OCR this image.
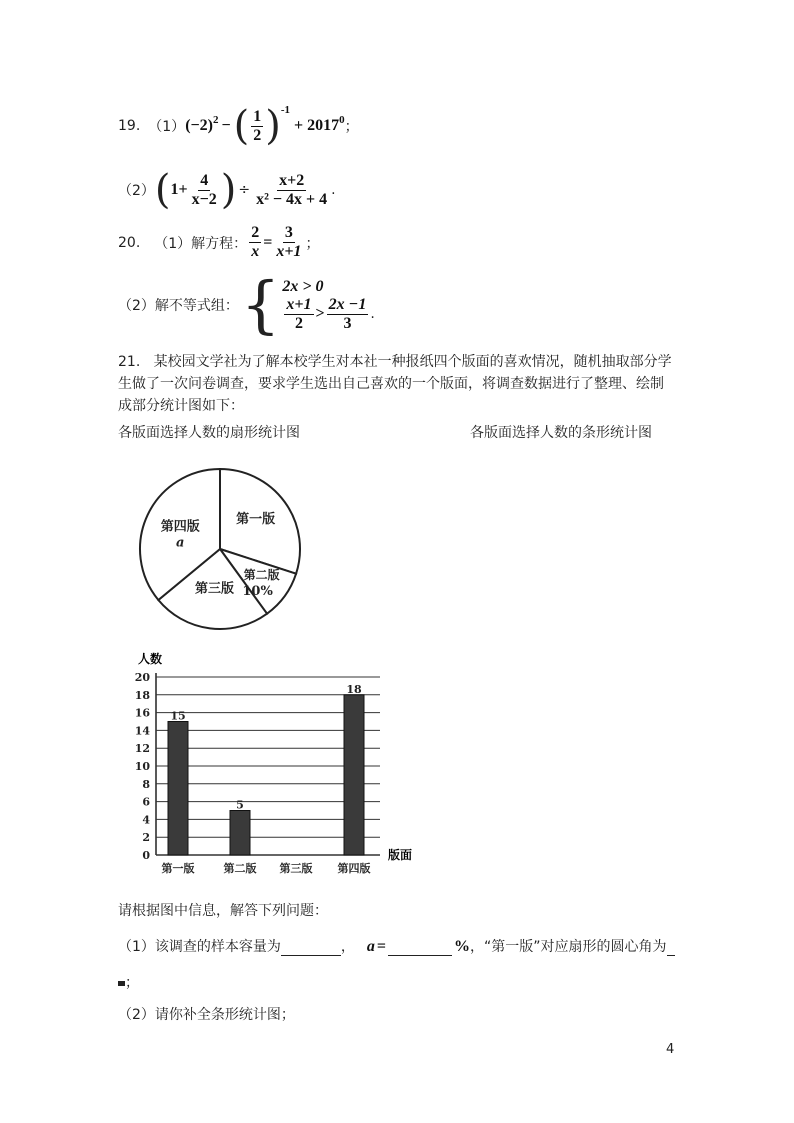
19. （1） $(-2)^2$ − ( $\frac{1}{2} )^{-1}$
+ $2017^0$ ；
（2） ( $1+ \frac{4}{x-2}$ ) ÷ $\frac{x+2}{\text{x² − 4x + 4}}$ .
20. （1）解方程： $\frac{2}{x} = \frac{3}{x+1}$ ；
（2）解不等式组： { 2x > 0
$\frac{x+1}{2} > \frac{2x -1}{3}$ .
21. 某校园文学社为了解本校学生对本社一种报纸四个版面的喜欢情况，随机抽取部分学
生做了一次问卷调查，要求学生选出自己喜欢的一个版面，将调查数据进行了整理、绘制
成部分统计图如下：
各版面选择人数的扇形统计图	各版面选择人数的条形统计图
第一版
第二版
10%
第三版
第四版
a
0
2
4
6
8
10
12
14
16
18
20
15
5
18
第一版	第二版 第三版 第四版
人数
版面
请根据图中信息，解答下列问题：
（1）该调查的样本容量为	， a =	% ，“第一版”对应扇形的圆心角为
；
（2）请你补全条形统计图；
4
